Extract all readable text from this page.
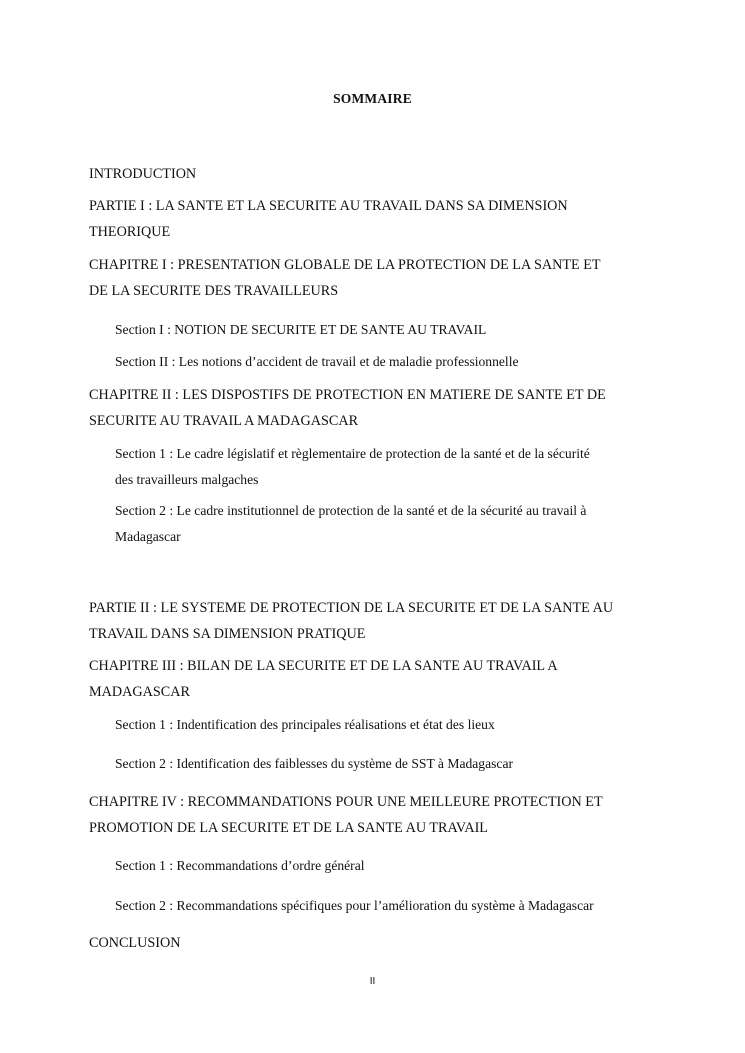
SOMMAIRE
INTRODUCTION
PARTIE I : LA SANTE ET LA SECURITE AU TRAVAIL DANS SA DIMENSION
THEORIQUE
CHAPITRE I : PRESENTATION GLOBALE DE LA PROTECTION DE LA SANTE ET
DE LA SECURITE DES TRAVAILLEURS
Section I : NOTION DE SECURITE ET DE SANTE AU TRAVAIL
Section II : Les notions d’accident de travail et de maladie professionnelle
CHAPITRE II : LES DISPOSTIFS DE PROTECTION EN MATIERE DE SANTE ET DE
SECURITE AU TRAVAIL A MADAGASCAR
Section 1 : Le cadre législatif et règlementaire de protection de la santé et de la sécurité
des travailleurs malgaches
Section 2 : Le cadre institutionnel de protection de la santé et de la sécurité au travail à
Madagascar
PARTIE II : LE SYSTEME DE PROTECTION DE LA SECURITE ET DE LA SANTE AU
TRAVAIL DANS SA DIMENSION PRATIQUE
CHAPITRE III : BILAN DE LA SECURITE ET DE LA SANTE AU TRAVAIL A
MADAGASCAR
Section 1 : Indentification des principales réalisations et état des lieux
Section 2 : Identification des faiblesses du système de SST à Madagascar
CHAPITRE IV : RECOMMANDATIONS POUR UNE MEILLEURE PROTECTION ET
PROMOTION DE LA SECURITE ET DE LA SANTE AU TRAVAIL
Section 1 : Recommandations d’ordre général
Section 2 : Recommandations spécifiques pour l’amélioration du système à Madagascar
CONCLUSION
II
